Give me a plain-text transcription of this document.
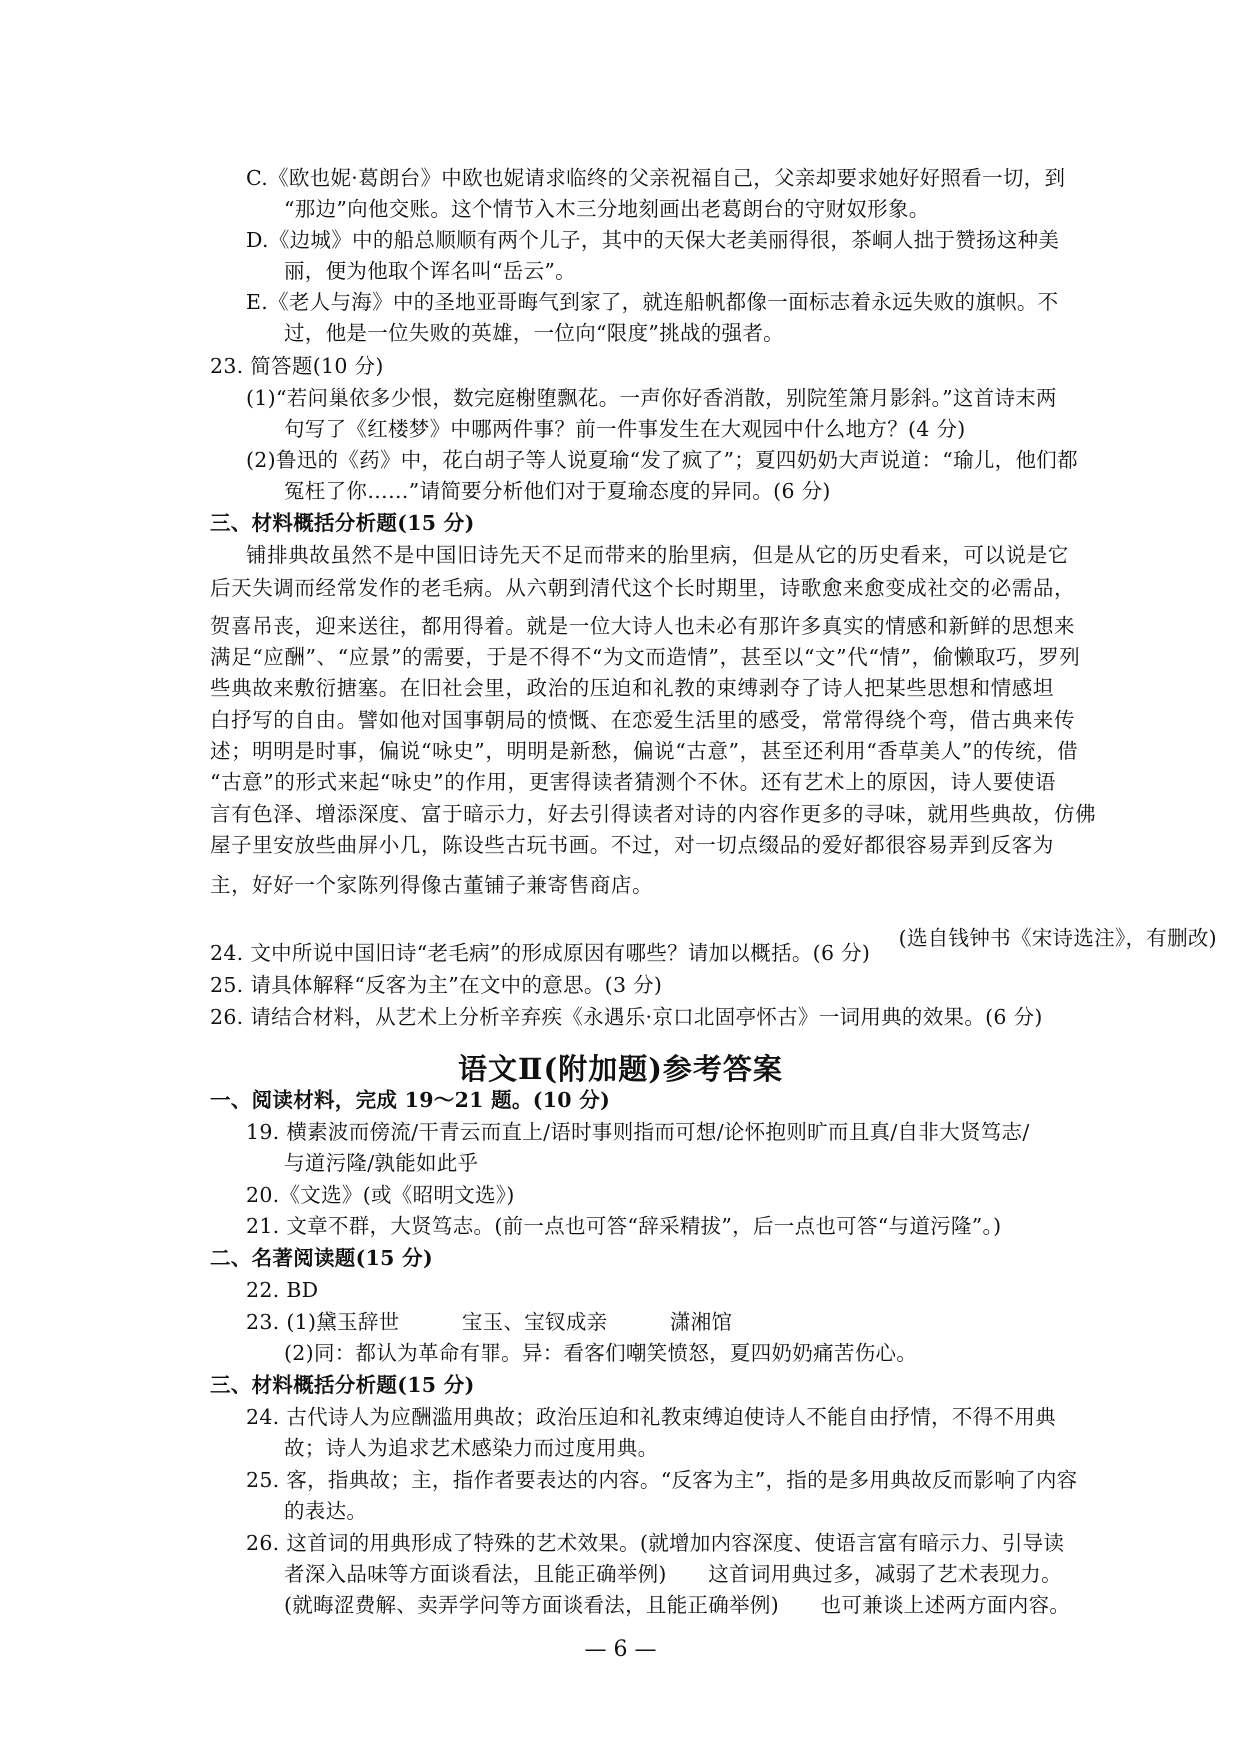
C.《欧也妮·葛朗台》中欧也妮请求临终的父亲祝福自己，父亲却要求她好好照看一切，到
“那边”向他交账。这个情节入木三分地刻画出老葛朗台的守财奴形象。
D.《边城》中的船总顺顺有两个儿子，其中的天保大老美丽得很，茶峒人拙于赞扬这种美
丽，便为他取个诨名叫“岳云”。
E.《老人与海》中的圣地亚哥晦气到家了，就连船帆都像一面标志着永远失败的旗帜。不
过，他是一位失败的英雄，一位向“限度”挑战的强者。
23. 简答题(10 分)
(1)“若问巢依多少恨，数完庭榭堕飘花。一声你好香消散，别院笙箫月影斜。”这首诗末两
句写了《红楼梦》中哪两件事？前一件事发生在大观园中什么地方？(4 分)
(2)鲁迅的《药》中，花白胡子等人说夏瑜“发了疯了”；夏四奶奶大声说道：“瑜儿，他们都
冤枉了你……”请简要分析他们对于夏瑜态度的异同。(6 分)
三、材料概括分析题(15 分)
铺排典故虽然不是中国旧诗先天不足而带来的胎里病，但是从它的历史看来，可以说是它
后天失调而经常发作的老毛病。从六朝到清代这个长时期里，诗歌愈来愈变成社交的必需品，
贺喜吊丧，迎来送往，都用得着。就是一位大诗人也未必有那许多真实的情感和新鲜的思想来
满足“应酬”、“应景”的需要，于是不得不“为文而造情”，甚至以“文”代“情”，偷懒取巧，罗列
些典故来敷衍搪塞。在旧社会里，政治的压迫和礼教的束缚剥夺了诗人把某些思想和情感坦
白抒写的自由。譬如他对国事朝局的愤慨、在恋爱生活里的感受，常常得绕个弯，借古典来传
述；明明是时事，偏说“咏史”，明明是新愁，偏说“古意”，甚至还利用“香草美人”的传统，借
“古意”的形式来起“咏史”的作用，更害得读者猜测个不休。还有艺术上的原因，诗人要使语
言有色泽、增添深度、富于暗示力，好去引得读者对诗的内容作更多的寻味，就用些典故，仿佛
屋子里安放些曲屏小几，陈设些古玩书画。不过，对一切点缀品的爱好都很容易弄到反客为
主，好好一个家陈列得像古董铺子兼寄售商店。
24. 文中所说中国旧诗“老毛病”的形成原因有哪些？请加以概括。(6 分)
25. 请具体解释“反客为主”在文中的意思。(3 分)
26. 请结合材料，从艺术上分析辛弃疾《永遇乐·京口北固亭怀古》一词用典的效果。(6 分)
一、阅读材料，完成 19～21 题。(10 分)
19. 横素波而傍流/干青云而直上/语时事则指而可想/论怀抱则旷而且真/自非大贤笃志/
与道污隆/孰能如此乎
20.《文选》(或《昭明文选》)
21. 文章不群，大贤笃志。(前一点也可答“辞采精拔”，后一点也可答“与道污隆”。)
二、名著阅读题(15 分)
22. BD
23. (1)黛玉辞世　　　宝玉、宝钗成亲　　　潇湘馆
(2)同：都认为革命有罪。异：看客们嘲笑愤怒，夏四奶奶痛苦伤心。
三、材料概括分析题(15 分)
24. 古代诗人为应酬滥用典故；政治压迫和礼教束缚迫使诗人不能自由抒情，不得不用典
故；诗人为追求艺术感染力而过度用典。
25. 客，指典故；主，指作者要表达的内容。“反客为主”，指的是多用典故反而影响了内容
的表达。
26. 这首词的用典形成了特殊的艺术效果。(就增加内容深度、使语言富有暗示力、引导读
者深入品味等方面谈看法，且能正确举例)　　这首词用典过多，减弱了艺术表现力。
(就晦涩费解、卖弄学问等方面谈看法，且能正确举例)　　也可兼谈上述两方面内容。
(选自钱钟书《宋诗选注》，有删改)
语文Ⅱ(附加题)参考答案
— 6 —
